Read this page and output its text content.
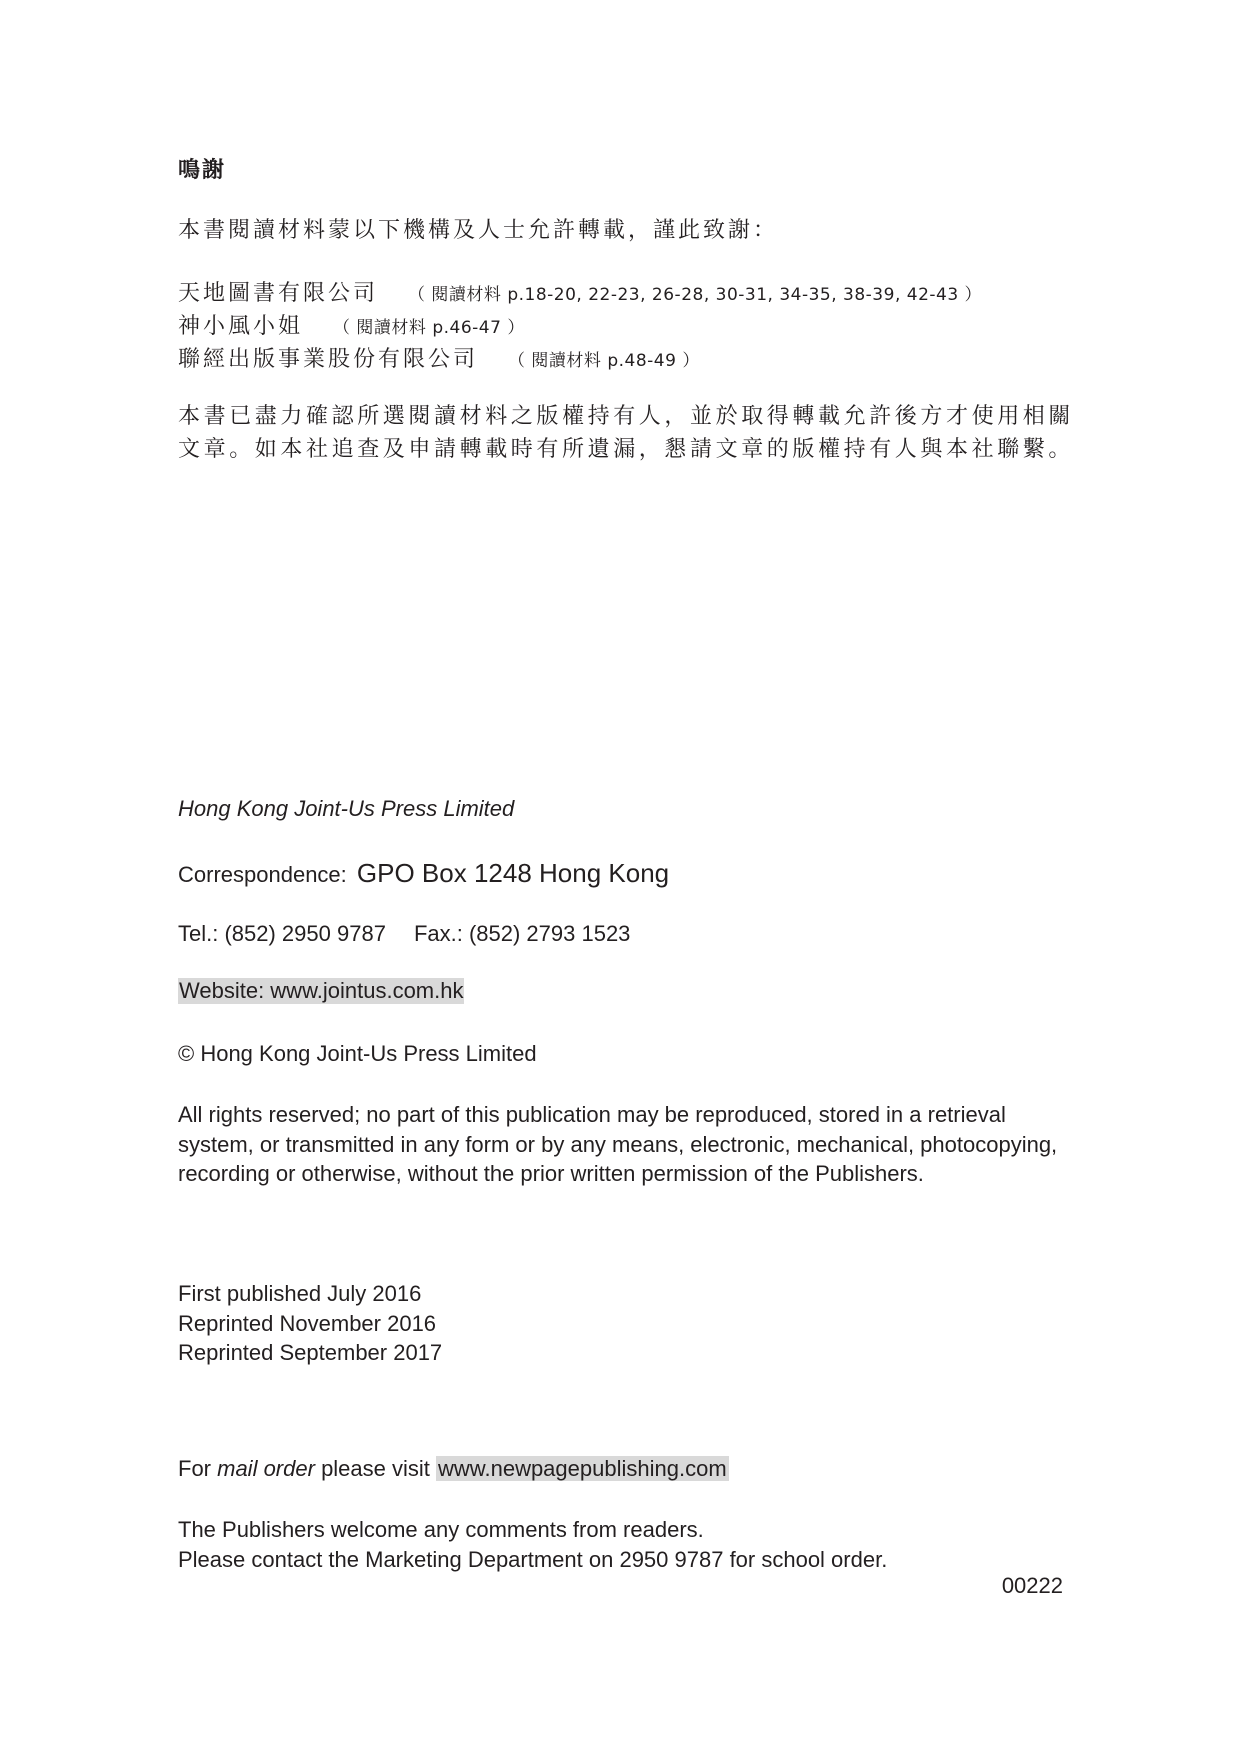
鳴謝
本書閱讀材料蒙以下機構及人士允許轉載，謹此致謝：
天地圖書有限公司 （ 閱讀材料 p.18-20, 22-23, 26-28, 30-31, 34-35, 38-39, 42-43 ）
神小風小姐 （ 閱讀材料 p.46-47 ）
聯經出版事業股份有限公司 （ 閱讀材料 p.48-49 ）
本書已盡力確認所選閱讀材料之版權持有人，並於取得轉載允許後方才使用相關文章。如本社追查及申請轉載時有所遺漏，懇請文章的版權持有人與本社聯繫。
Hong Kong Joint-Us Press Limited
Correspondence: GPO Box 1248 Hong Kong
Tel.: (852) 2950 9787 Fax.: (852) 2793 1523
Website: www.jointus.com.hk
© Hong Kong Joint-Us Press Limited
All rights reserved; no part of this publication may be reproduced, stored in a retrieval system, or transmitted in any form or by any means, electronic, mechanical, photocopying, recording or otherwise, without the prior written permission of the Publishers.
First published July 2016
Reprinted November 2016
Reprinted September 2017
For mail order please visit www.newpagepublishing.com
The Publishers welcome any comments from readers.
Please contact the Marketing Department on 2950 9787 for school order.
00222
